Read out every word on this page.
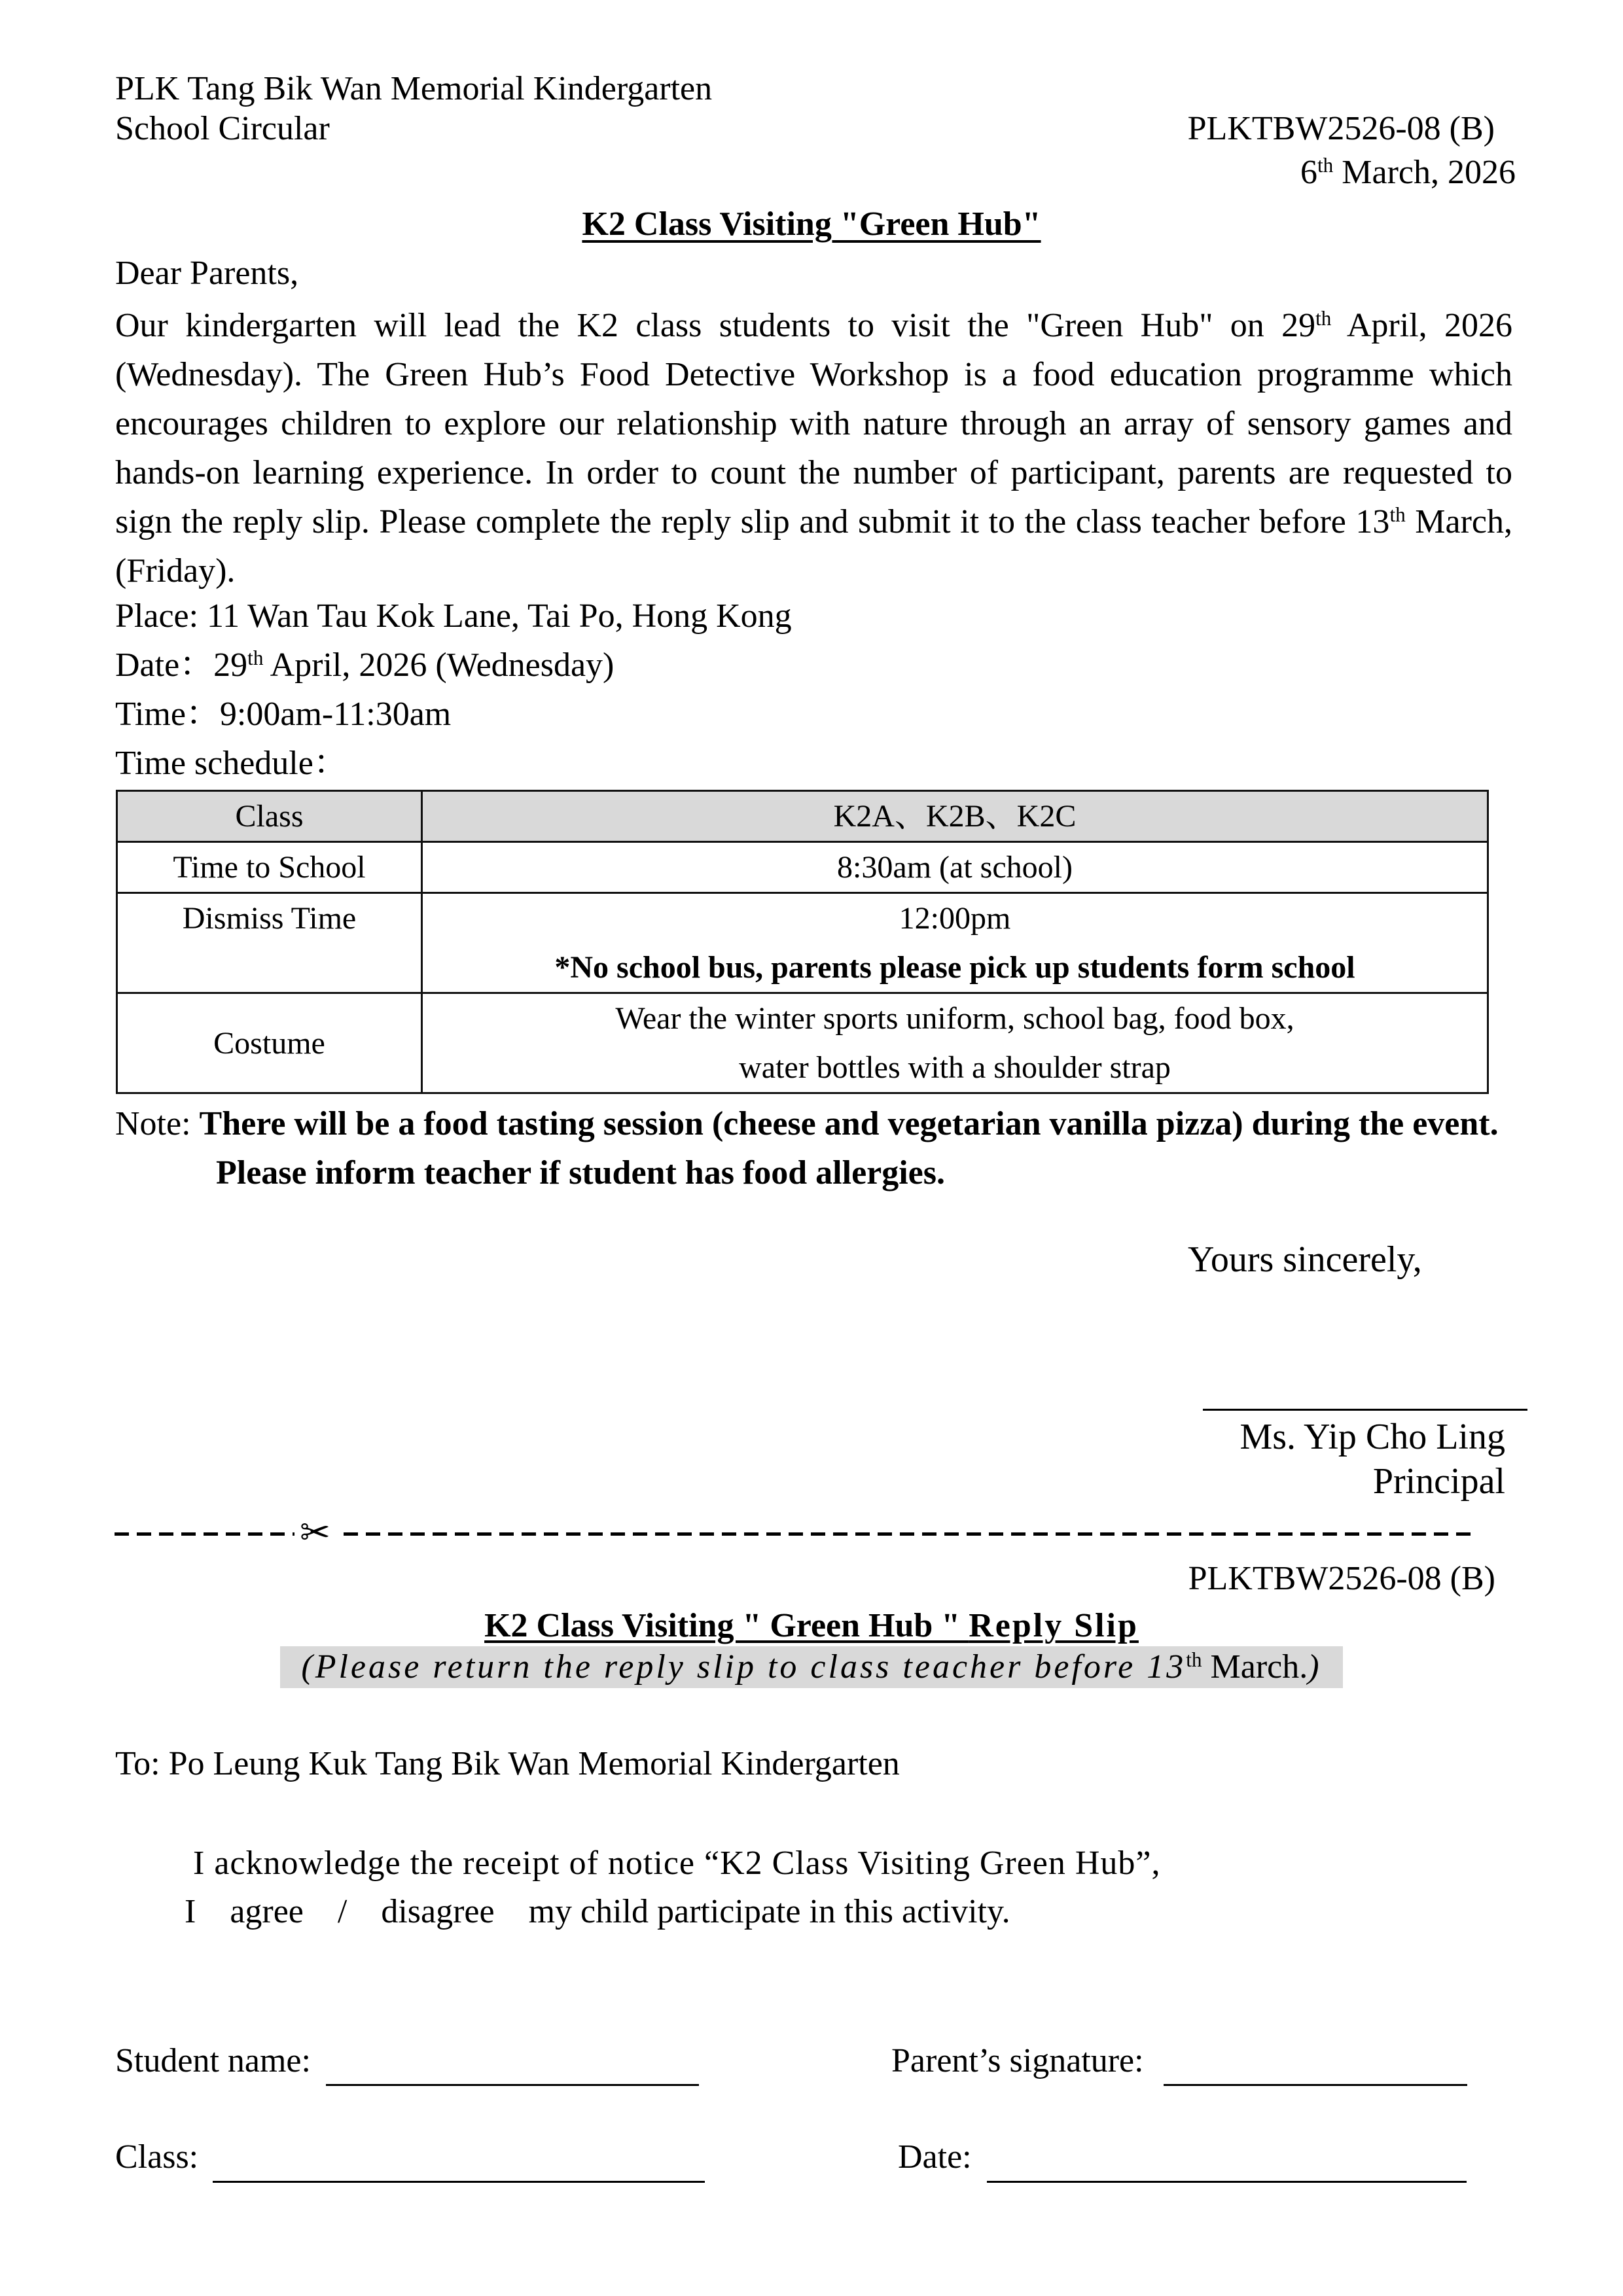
PLK Tang Bik Wan Memorial Kindergarten
School Circular	PLKTBW2526-08 (B)
6th March, 2026
K2 Class Visiting "Green Hub"
Dear Parents,
Our kindergarten will lead the K2 class students to visit the "Green Hub" on 29th April, 2026 (Wednesday). The Green Hub’s Food Detective Workshop is a food education programme which encourages children to explore our relationship with nature through an array of sensory games and hands-on learning experience. In order to count the number of participant, parents are requested to sign the reply slip. Please complete the reply slip and submit it to the class teacher before 13th March, (Friday).
Place: 11 Wan Tau Kok Lane, Tai Po, Hong Kong
Date：29th April, 2026 (Wednesday)
Time：9:00am-11:30am
Time schedule：
Class	K2A、K2B、K2C
Time to School	8:30am (at school)
Dismiss Time	12:00pm
*No school bus, parents please pick up students form school

Costume	Wear the winter sports uniform, school bag, food box,
water bottles with a shoulder strap
Note: There will be a food tasting session (cheese and vegetarian vanilla pizza) during the event.
Please inform teacher if student has food allergies.
Yours sincerely,
Ms. Yip Cho Ling
Principal
✂
PLKTBW2526-08 (B)
K2 Class Visiting " Green Hub " Reply Slip
(Please return the reply slip to class teacher before 13th March.)
To: Po Leung Kuk Tang Bik Wan Memorial Kindergarten
I acknowledge the receipt of notice “K2 Class Visiting Green Hub”,
I agree / disagree my child participate in this activity.
Student name:	Parent’s signature:
Class:	Date:
